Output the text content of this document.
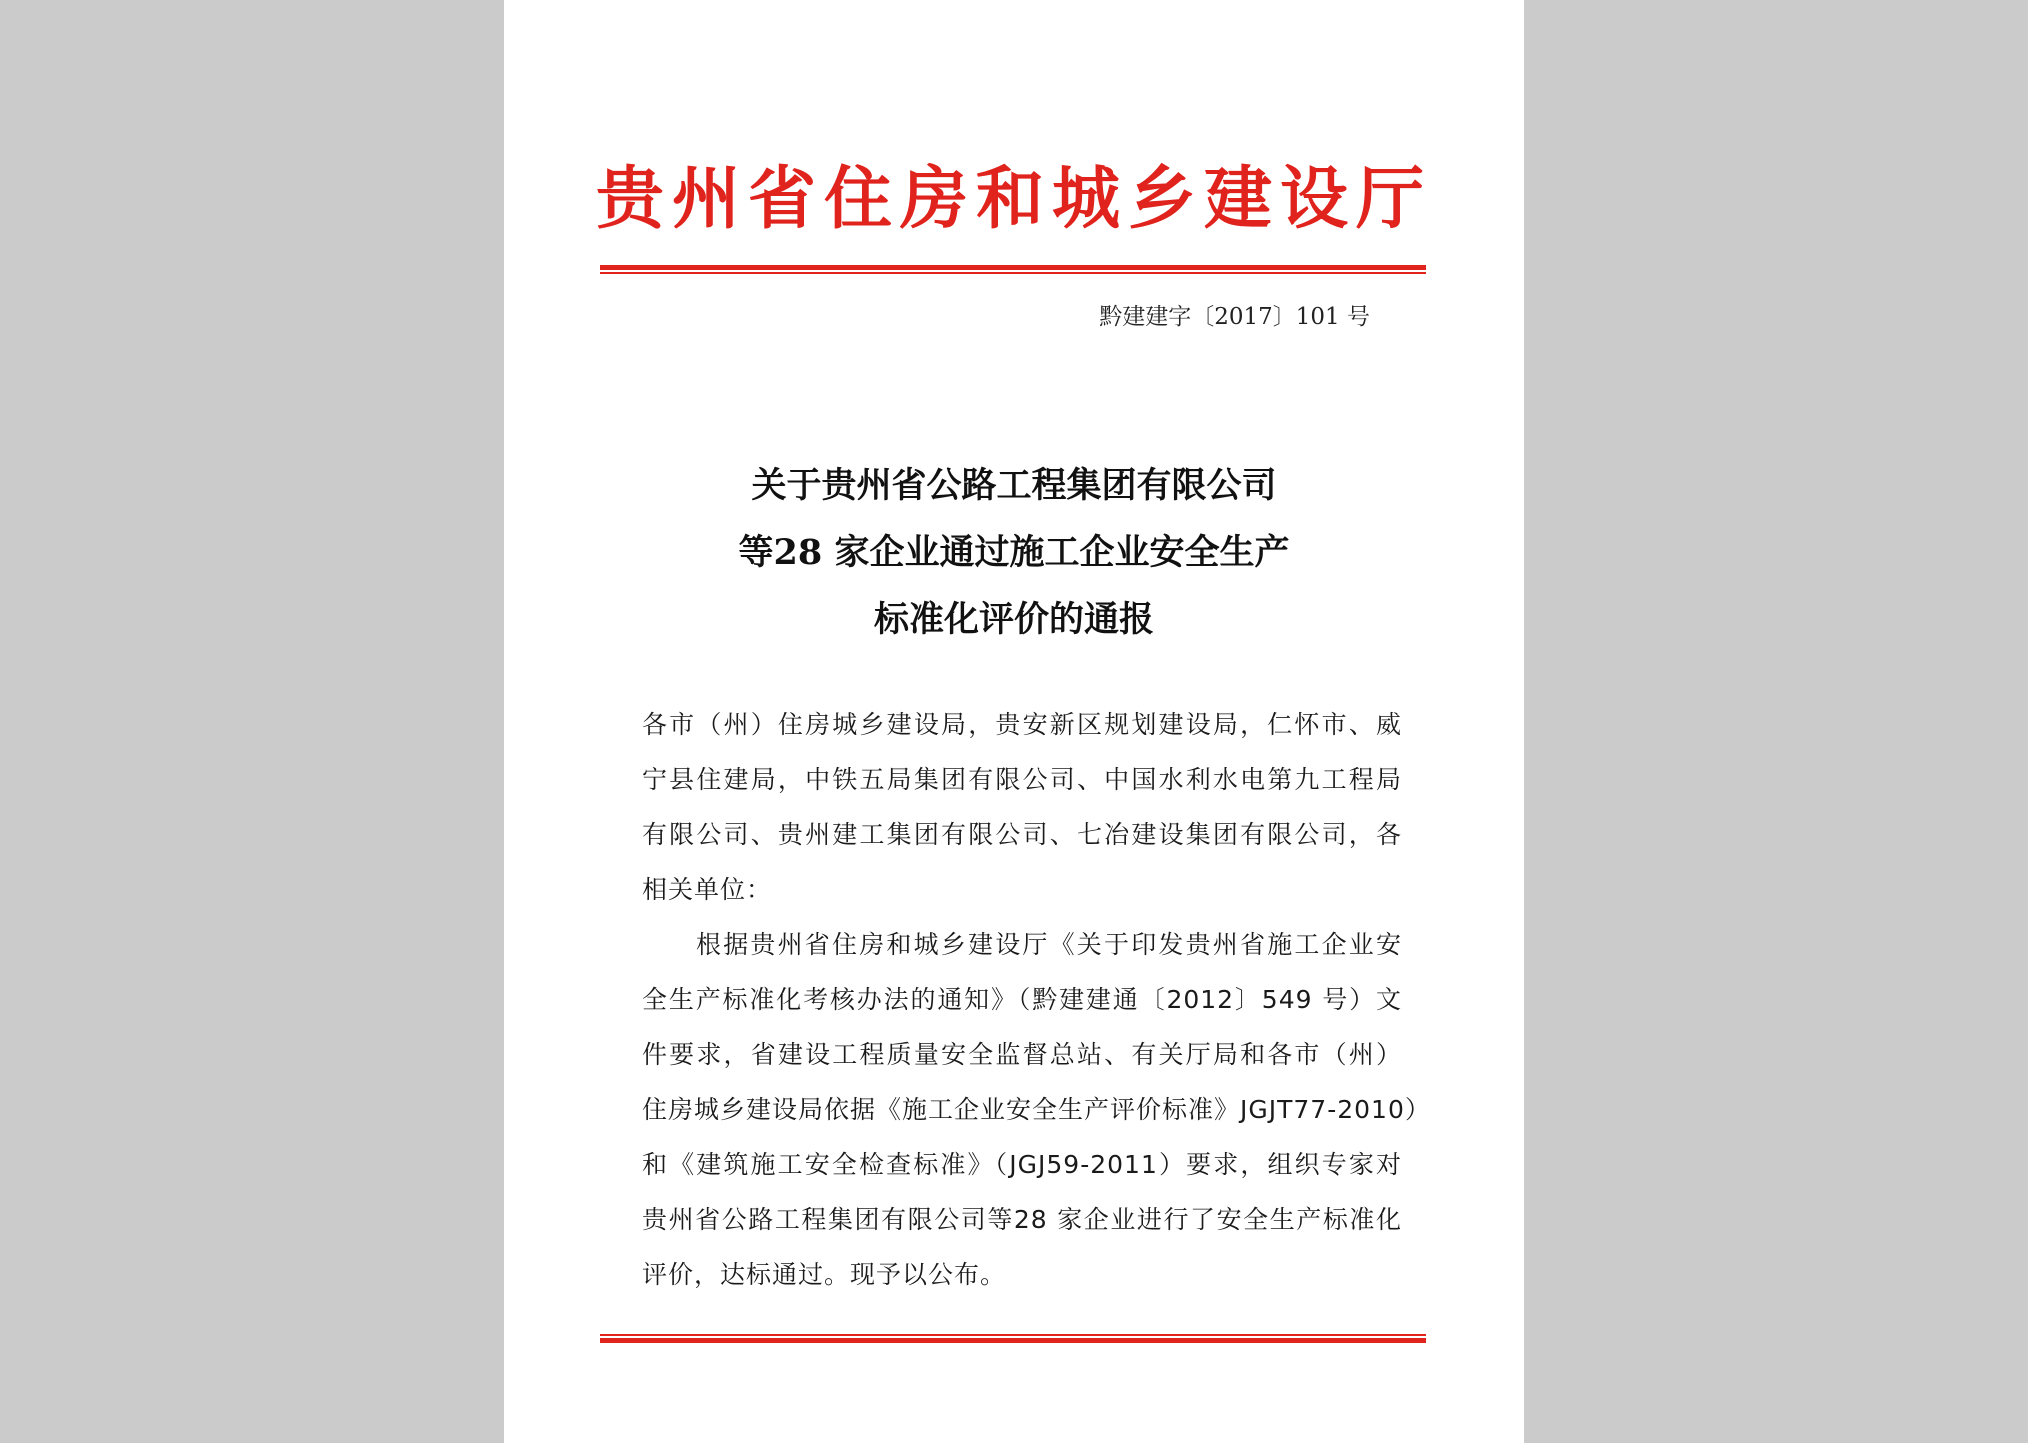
贵州省住房和城乡建设厅
黔建建字〔2017〕101 号
关于贵州省公路工程集团有限公司
等28 家企业通过施工企业安全生产
标准化评价的通报
各市（州）住房城乡建设局，贵安新区规划建设局，仁怀市、威
宁县住建局，中铁五局集团有限公司、中国水利水电第九工程局
有限公司、贵州建工集团有限公司、七冶建设集团有限公司，各
相关单位：
根据贵州省住房和城乡建设厅《关于印发贵州省施工企业安
全生产标准化考核办法的通知》（黔建建通〔2012〕549 号）文
件要求，省建设工程质量安全监督总站、有关厅局和各市（州）
住房城乡建设局依据《施工企业安全生产评价标准》JGJT77-2010）
和《建筑施工安全检查标准》（JGJ59-2011）要求，组织专家对
贵州省公路工程集团有限公司等28 家企业进行了安全生产标准化
评价，达标通过。现予以公布。
